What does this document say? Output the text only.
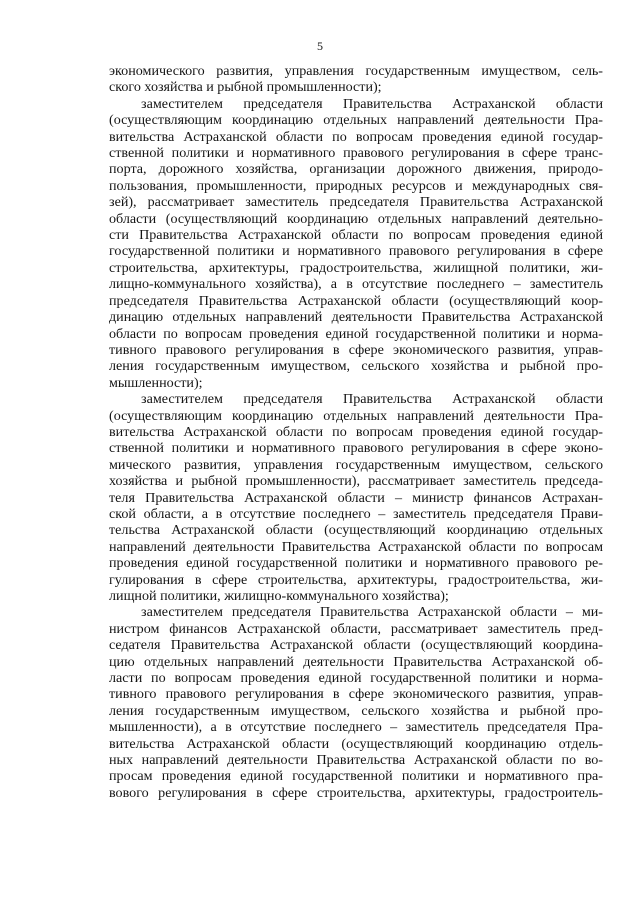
5
экономического развития, управления государственным имуществом, сель-
ского хозяйства и рыбной промышленности);
заместителем председателя Правительства Астраханской области
(осуществляющим координацию отдельных направлений деятельности Пра-
вительства Астраханской области по вопросам проведения единой государ-
ственной политики и нормативного правового регулирования в сфере транс-
порта, дорожного хозяйства, организации дорожного движения, природо-
пользования, промышленности, природных ресурсов и международных свя-
зей), рассматривает заместитель председателя Правительства Астраханской
области (осуществляющий координацию отдельных направлений деятельно-
сти Правительства Астраханской области по вопросам проведения единой
государственной политики и нормативного правового регулирования в сфере
строительства, архитектуры, градостроительства, жилищной политики, жи-
лищно-коммунального хозяйства), а в отсутствие последнего – заместитель
председателя Правительства Астраханской области (осуществляющий коор-
динацию отдельных направлений деятельности Правительства Астраханской
области по вопросам проведения единой государственной политики и норма-
тивного правового регулирования в сфере экономического развития, управ-
ления государственным имуществом, сельского хозяйства и рыбной про-
мышленности);
заместителем председателя Правительства Астраханской области
(осуществляющим координацию отдельных направлений деятельности Пра-
вительства Астраханской области по вопросам проведения единой государ-
ственной политики и нормативного правового регулирования в сфере эконо-
мического развития, управления государственным имуществом, сельского
хозяйства и рыбной промышленности), рассматривает заместитель председа-
теля Правительства Астраханской области – министр финансов Астрахан-
ской области, а в отсутствие последнего – заместитель председателя Прави-
тельства Астраханской области (осуществляющий координацию отдельных
направлений деятельности Правительства Астраханской области по вопросам
проведения единой государственной политики и нормативного правового ре-
гулирования в сфере строительства, архитектуры, градостроительства, жи-
лищной политики, жилищно-коммунального хозяйства);
заместителем председателя Правительства Астраханской области – ми-
нистром финансов Астраханской области, рассматривает заместитель пред-
седателя Правительства Астраханской области (осуществляющий координа-
цию отдельных направлений деятельности Правительства Астраханской об-
ласти по вопросам проведения единой государственной политики и норма-
тивного правового регулирования в сфере экономического развития, управ-
ления государственным имуществом, сельского хозяйства и рыбной про-
мышленности), а в отсутствие последнего – заместитель председателя Пра-
вительства Астраханской области (осуществляющий координацию отдель-
ных направлений деятельности Правительства Астраханской области по во-
просам проведения единой государственной политики и нормативного пра-
вового регулирования в сфере строительства, архитектуры, градостроитель-
